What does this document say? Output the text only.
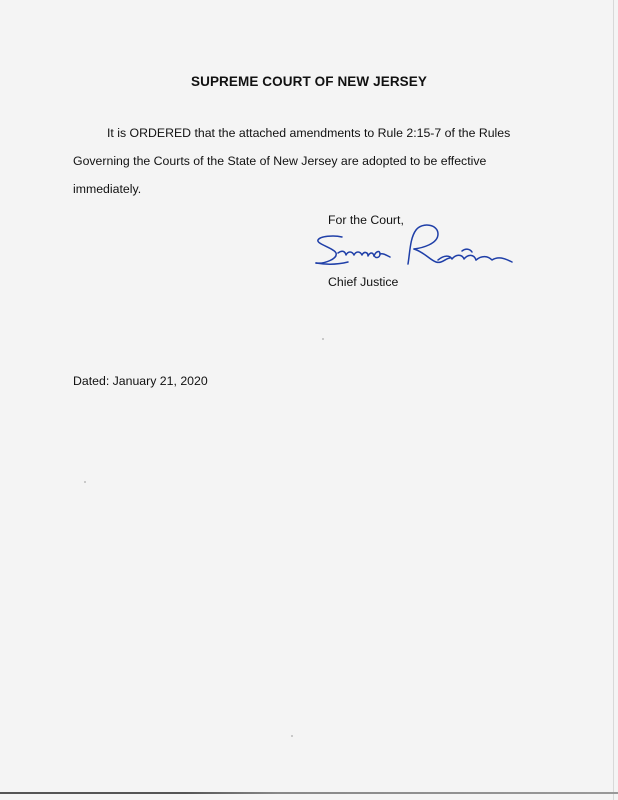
SUPREME COURT OF NEW JERSEY

It is ORDERED that the attached amendments to Rule 2:15-7 of the Rules

Governing the Courts of the State of New Jersey are adopted to be effective

immediately.

For the Court,
Chief Justice
Dated: January 21, 2020
